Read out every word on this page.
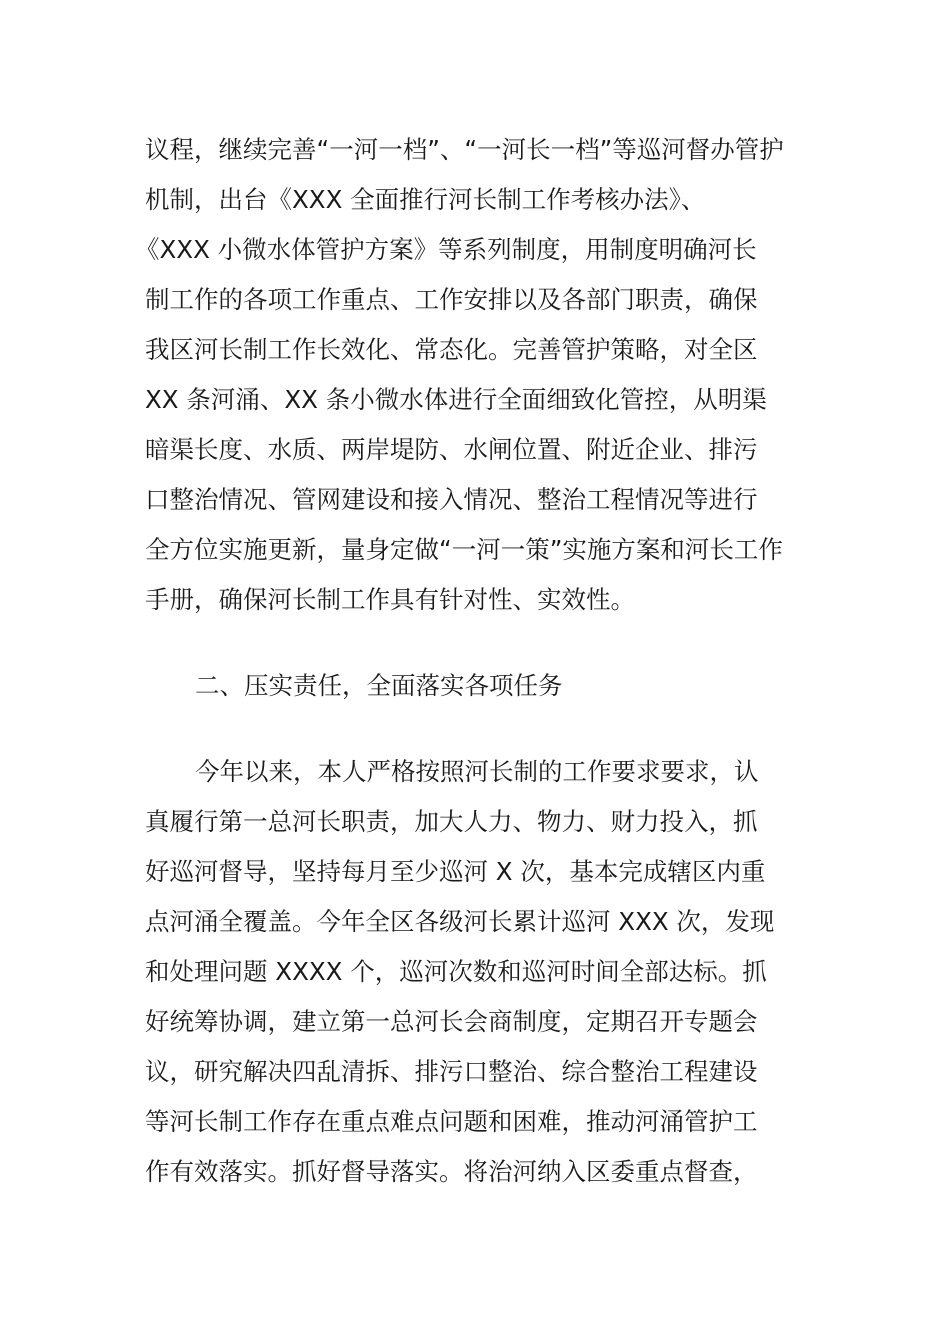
议程，继续完善“一河一档”、“一河长一档”等巡河督办管护
机制，出台《XXX 全面推行河长制工作考核办法》、
《XXX 小微水体管护方案》等系列制度，用制度明确河长
制工作的各项工作重点、工作安排以及各部门职责，确保
我区河长制工作长效化、常态化。完善管护策略，对全区
XX 条河涌、XX 条小微水体进行全面细致化管控，从明渠
暗渠长度、水质、两岸堤防、水闸位置、附近企业、排污
口整治情况、管网建设和接入情况、整治工程情况等进行
全方位实施更新，量身定做“一河一策”实施方案和河长工作
手册，确保河长制工作具有针对性、实效性。
二、压实责任，全面落实各项任务
今年以来，本人严格按照河长制的工作要求要求，认
真履行第一总河长职责，加大人力、物力、财力投入，抓
好巡河督导，坚持每月至少巡河 X 次，基本完成辖区内重
点河涌全覆盖。今年全区各级河长累计巡河 XXX 次，发现
和处理问题 XXXX 个，巡河次数和巡河时间全部达标。抓
好统筹协调，建立第一总河长会商制度，定期召开专题会
议，研究解决四乱清拆、排污口整治、综合整治工程建设
等河长制工作存在重点难点问题和困难，推动河涌管护工
作有效落实。抓好督导落实。将治河纳入区委重点督查，
